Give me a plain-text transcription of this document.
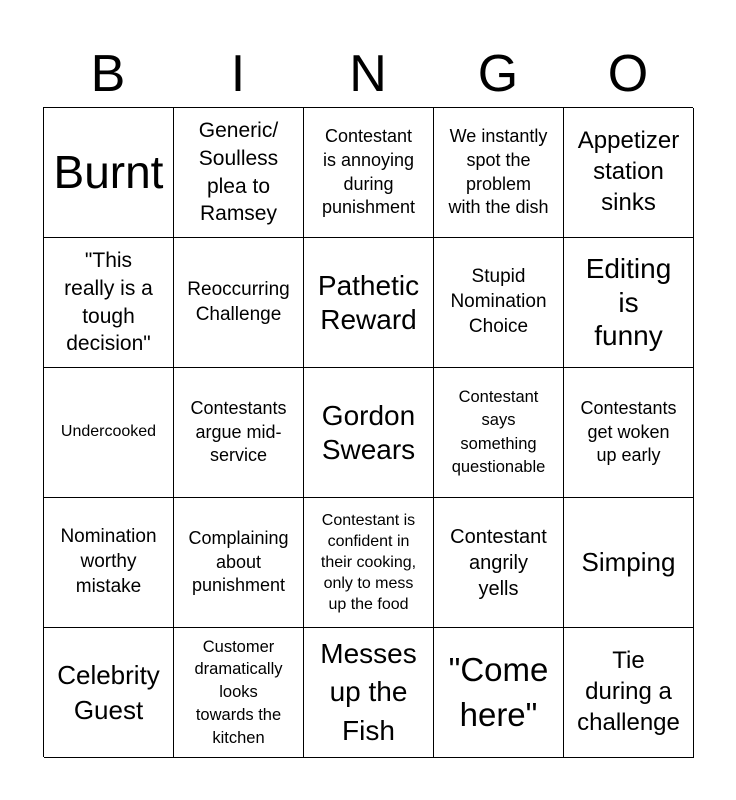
B	I	N	G	O
Burnt
Generic/
Soulless
plea to
Ramsey
Contestant
is annoying
during
punishment
We instantly
spot the
problem
with the dish
Appetizer
station
sinks
"This
really is a
tough
decision"
Reoccurring
Challenge
Pathetic
Reward
Stupid
Nomination
Choice
Editing
is
funny
Undercooked
Contestants
argue mid-
service
Gordon
Swears
Contestant
says
something
questionable
Contestants
get woken
up early
Nomination
worthy
mistake
Complaining
about
punishment
Contestant is
confident in
their cooking,
only to mess
up the food
Contestant
angrily
yells
Simping
Celebrity
Guest
Customer
dramatically
looks
towards the
kitchen
Messes
up the
Fish
"Come
here"
Tie
during a
challenge
